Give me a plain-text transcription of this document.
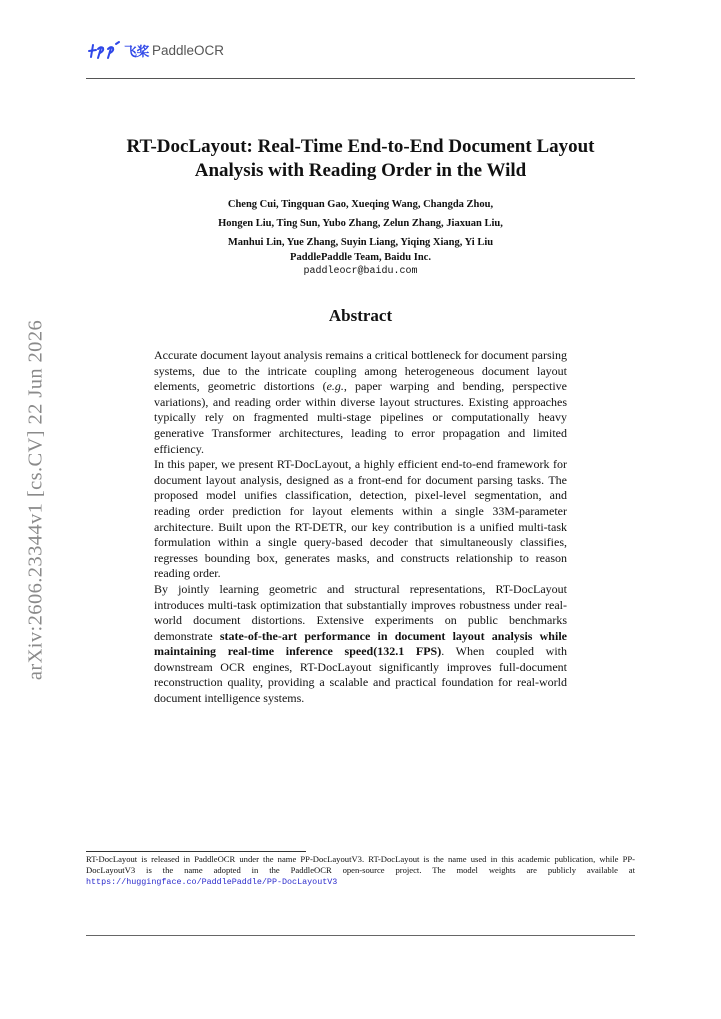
飞桨 PaddleOCR
arXiv:2606.23344v1 [cs.CV] 22 Jun 2026
RT-DocLayout: Real-Time End-to-End Document Layout
Analysis with Reading Order in the Wild

Cheng Cui, Tingquan Gao, Xueqing Wang, Changda Zhou,
Hongen Liu, Ting Sun, Yubo Zhang, Zelun Zhang, Jiaxuan Liu,
Manhui Lin, Yue Zhang, Suyin Liang, Yiqing Xiang, Yi Liu

PaddlePaddle Team, Baidu Inc.

paddleocr@baidu.com

Abstract

Accurate document layout analysis remains a critical bottleneck for document parsing systems, due to the intricate coupling among heterogeneous document layout elements, geometric distortions (e.g., paper warping and bending, perspective variations), and reading order within diverse layout structures. Existing approaches typically rely on fragmented multi-stage pipelines or computationally heavy generative Transformer architectures, leading to error propagation and limited efficiency.

In this paper, we present RT-DocLayout, a highly efficient end-to-end framework for document layout analysis, designed as a front-end for document parsing tasks. The proposed model unifies classification, detection, pixel-level segmentation, and reading order prediction for layout elements within a single 33M-parameter architecture. Built upon the RT-DETR, our key contribution is a unified multi-task formulation within a single query-based decoder that simultaneously classifies, regresses bounding box, generates masks, and constructs relationship to reason reading order.

By jointly learning geometric and structural representations, RT-DocLayout introduces multi-task optimization that substantially improves robustness under real-world document distortions. Extensive experiments on public benchmarks demonstrate state-of-the-art performance in document layout analysis while maintaining real-time inference speed(132.1 FPS). When coupled with downstream OCR engines, RT-DocLayout significantly improves full-document reconstruction quality, providing a scalable and practical foundation for real-world document intelligence systems.

RT-DocLayout is released in PaddleOCR under the name PP-DocLayoutV3. RT-DocLayout is the name used in this academic publication, while PP-DocLayoutV3 is the name adopted in the PaddleOCR open-source project. The model weights are publicly available at https://huggingface.co/PaddlePaddle/PP-DocLayoutV3
